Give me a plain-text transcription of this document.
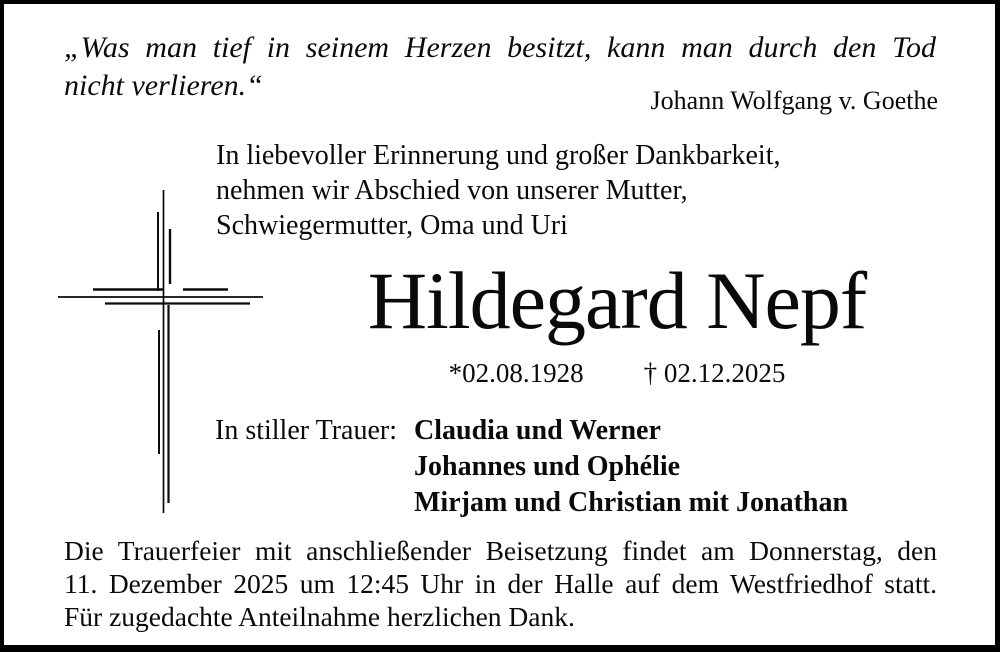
„Was man tief in seinem Herzen besitzt, kann man durch den Tod
nicht verlieren.“	Johann Wolfgang v. Goethe
In liebevoller Erinnerung und großer Dankbarkeit,
nehmen wir Abschied von unserer Mutter,
Schwiegermutter, Oma und Uri
Hildegard Nepf
*02.08.1928 † 02.12.2025
In stiller Trauer: Claudia und Werner
Johannes und Ophélie
Mirjam und Christian mit Jonathan
Die Trauerfeier mit anschließender Beisetzung findet am Donnerstag, den
11. Dezember 2025 um 12:45 Uhr in der Halle auf dem Westfriedhof statt.
Für zugedachte Anteilnahme herzlichen Dank.
